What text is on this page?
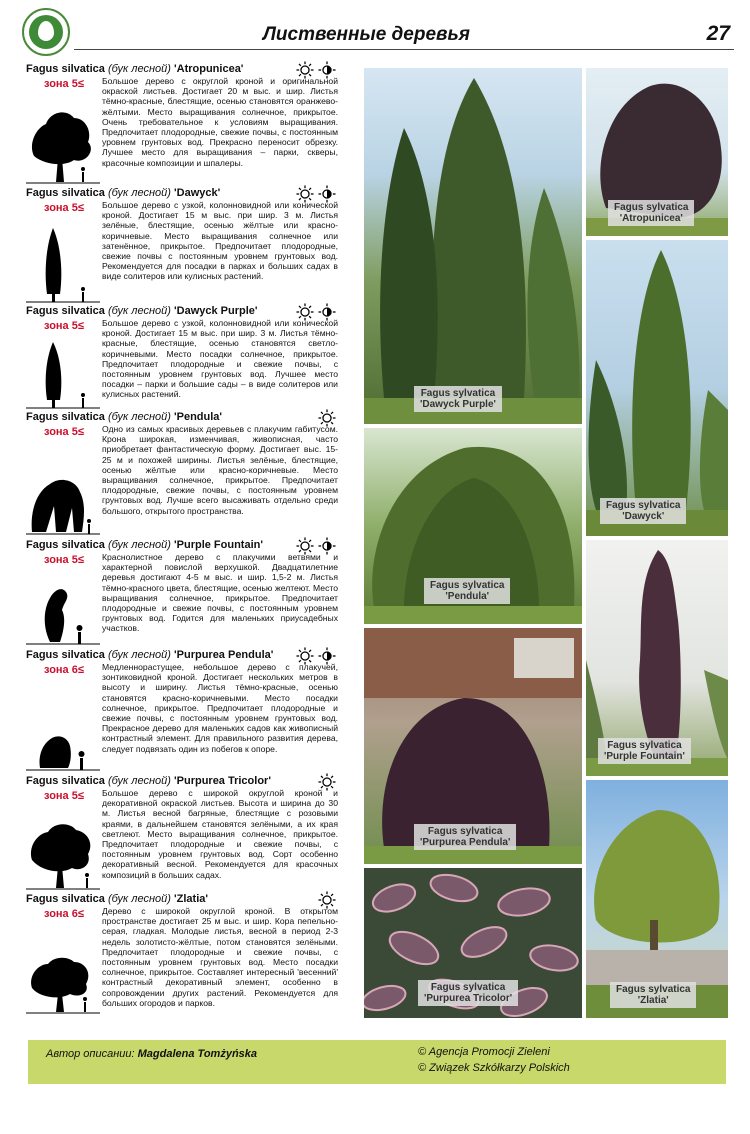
Лиственные деревья	27
Fagus silvatica (бук лесной) 'Atropunicea'
зона 5≤	Большое дерево с округлой кроной и оригинальной окраской листьев. Достигает 20 м выс. и шир. Листья тёмно-красные, блестящие, осенью становятся оранжево-жёлтыми. Место выращивания солнечное, прикрытое. Очень требовательное к условиям выращивания. Предпочитает плодородные, свежие почвы, с постоянным уровнем грунтовых вод. Прекрасно переносит обрезку. Лучшее место для выращивания – парки, скверы, красочные композиции и шпалеры.
Fagus silvatica (бук лесной) 'Dawyck'
зона 5≤	Большое дерево с узкой, колонновидной или конической кроной. Достигает 15 м выс. при шир. 3 м. Листья зелёные, блестящие, осенью жёлтые или красно-коричневые. Место выращивания солнечное или затенённое, прикрытое. Предпочитает плодородные, свежие почвы с постоянным уровнем грунтовых вод. Рекомендуется для посадки в парках и больших садах в виде солитеров или кулисных растений.
Fagus silvatica (бук лесной) 'Dawyck Purple'
зона 5≤	Большое дерево с узкой, колонновидной или конической кроной. Достигает 15 м выс. при шир. 3 м. Листья тёмно-красные, блестящие, осенью становятся светло-коричневыми. Место посадки солнечное, прикрытое. Предпочитает плодородные и свежие почвы, с постоянным уровнем грунтовых вод. Лучшее место посадки – парки и большие сады – в виде солитеров или кулисных растений.
Fagus silvatica (бук лесной) 'Pendula'
зона 5≤	Одно из самых красивых деревьев с плакучим габитусом. Крона широкая, изменчивая, живописная, часто приобретает фантастическую форму. Достигает выс. 15-25 м и похожей ширины. Листья зелёные, блестящие, осенью жёлтые или красно-коричневые. Место выращивания солнечное, прикрытое. Предпочитает плодородные, свежие почвы, с постоянным уровнем грунтовых вод. Лучше всего высаживать отдельно среди большого, открытого пространства.
Fagus silvatica (бук лесной) 'Purple Fountain'
зона 5≤	Краснолистное дерево с плакучими ветвями и характерной повислой верхушкой. Двадцатилетние деревья достигают 4-5 м выс. и шир. 1,5-2 м. Листья тёмно-красного цвета, блестящие, осенью желтеют. Место выращивания солнечное, прикрытое. Предпочитает плодородные и свежие почвы, с постоянным уровнем грунтовых вод. Годится для маленьких приусадебных участков.
Fagus silvatica (бук лесной) 'Purpurea Pendula'
зона 6≤	Медленнорастущее, небольшое дерево с плакучей, зонтиковидной кроной. Достигает нескольких метров в высоту и ширину. Листья тёмно-красные, осенью становятся красно-коричневыми. Место посадки солнечное, прикрытое. Предпочитает плодородные и свежие почвы, с постоянным уровнем грунтовых вод. Прекрасное дерево для маленьких садов как живописный контрастный элемент. Для правильного развития дерева, следует подвязать один из побегов к опоре.
Fagus silvatica (бук лесной) 'Purpurea Tricolor'
зона 5≤	Большое дерево с широкой округлой кроной и декоративной окраской листьев. Высота и ширина до 30 м. Листья весной багряные, блестящие с розовыми краями, в дальнейшем становятся зелёными, а их края светлеют. Место выращивания солнечное, прикрытое. Предпочитает плодородные и свежие почвы, с постоянным уровнем грунтовых вод. Сорт особенно декоративный весной. Рекомендуется для красочных композиций в больших садах.
Fagus silvatica (бук лесной) 'Zlatia'
зона 6≤	Дерево с широкой округлой кроной. В открытом пространстве достигает 25 м выс. и шир. Кора пепельно-серая, гладкая. Молодые листья, весной в период 2-3 недель золотисто-жёлтые, потом становятся зелёными. Предпочитает плодородные и свежие почвы, с постоянным уровнем грунтовых вод. Место посадки солнечное, прикрытое. Составляет интересный 'весенний' контрастный декоративный элемент, особенно в сопровождении других растений. Рекомендуется для больших огородов и парков.
Fagus sylvatica
'Dawyck Purple'
Fagus sylvatica
'Atropunicea'
Fagus sylvatica
'Dawyck'
Fagus sylvatica
'Pendula'
Fagus sylvatica
'Purple Fountain'
Fagus sylvatica
'Purpurea Pendula'
Fagus sylvatica
'Zlatia'
Fagus sylvatica
'Purpurea Tricolor'
Автор описании: Magdalena Tomżyńska	© Agencja Promocji Zieleni
© Związek Szkółkarzy Polskich
